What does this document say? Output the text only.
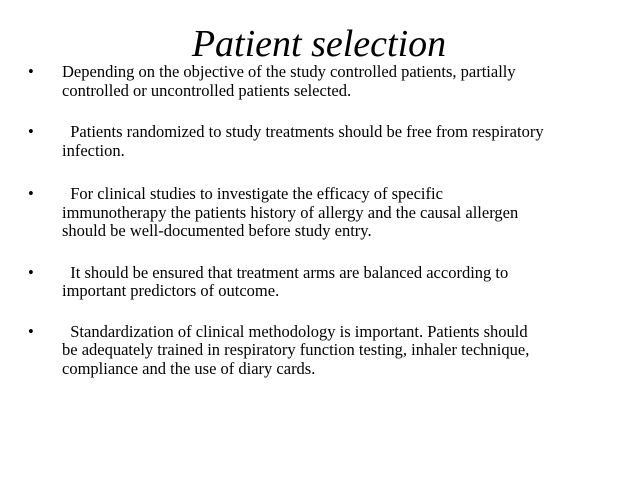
Patient selection
•	Depending on the objective of the study controlled patients, partially
controlled or uncontrolled patients selected.
•	Patients randomized to study treatments should be free from respiratory
infection.
•	For clinical studies to investigate the efficacy of specific
immunotherapy the patients history of allergy and the causal allergen
should be well-documented before study entry.
•	It should be ensured that treatment arms are balanced according to
important predictors of outcome.
•	Standardization of clinical methodology is important. Patients should
be adequately trained in respiratory function testing, inhaler technique,
compliance and the use of diary cards.
